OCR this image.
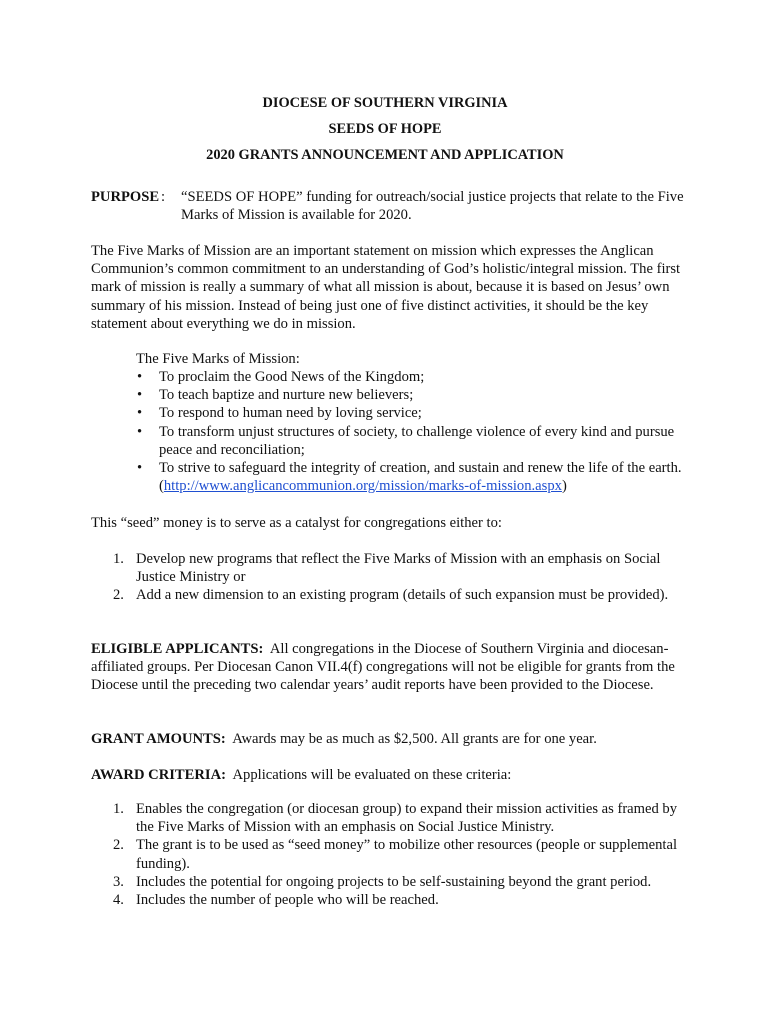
DIOCESE OF SOUTHERN VIRGINIA
SEEDS OF HOPE
2020 GRANTS ANNOUNCEMENT AND APPLICATION
PURPOSE : “SEEDS OF HOPE” funding for outreach/social justice projects that relate to the Five Marks of Mission is available for 2020.
The Five Marks of Mission are an important statement on mission which expresses the Anglican Communion’s common commitment to an understanding of God’s holistic/integral mission. The first mark of mission is really a summary of what all mission is about, because it is based on Jesus’ own summary of his mission. Instead of being just one of five distinct activities, it should be the key statement about everything we do in mission.
The Five Marks of Mission:
• To proclaim the Good News of the Kingdom;
• To teach baptize and nurture new believers;
• To respond to human need by loving service;
• To transform unjust structures of society, to challenge violence of every kind and pursue peace and reconciliation;
• To strive to safeguard the integrity of creation, and sustain and renew the life of the earth. (http://www.anglicancommunion.org/mission/marks-of-mission.aspx)
This “seed” money is to serve as a catalyst for congregations either to:
1. Develop new programs that reflect the Five Marks of Mission with an emphasis on Social Justice Ministry or
2. Add a new dimension to an existing program (details of such expansion must be provided).
ELIGIBLE APPLICANTS: All congregations in the Diocese of Southern Virginia and diocesan-affiliated groups. Per Diocesan Canon VII.4(f) congregations will not be eligible for grants from the Diocese until the preceding two calendar years’ audit reports have been provided to the Diocese.
GRANT AMOUNTS: Awards may be as much as $2,500. All grants are for one year.
AWARD CRITERIA: Applications will be evaluated on these criteria:
1. Enables the congregation (or diocesan group) to expand their mission activities as framed by the Five Marks of Mission with an emphasis on Social Justice Ministry.
2. The grant is to be used as “seed money” to mobilize other resources (people or supplemental funding).
3. Includes the potential for ongoing projects to be self-sustaining beyond the grant period.
4. Includes the number of people who will be reached.
